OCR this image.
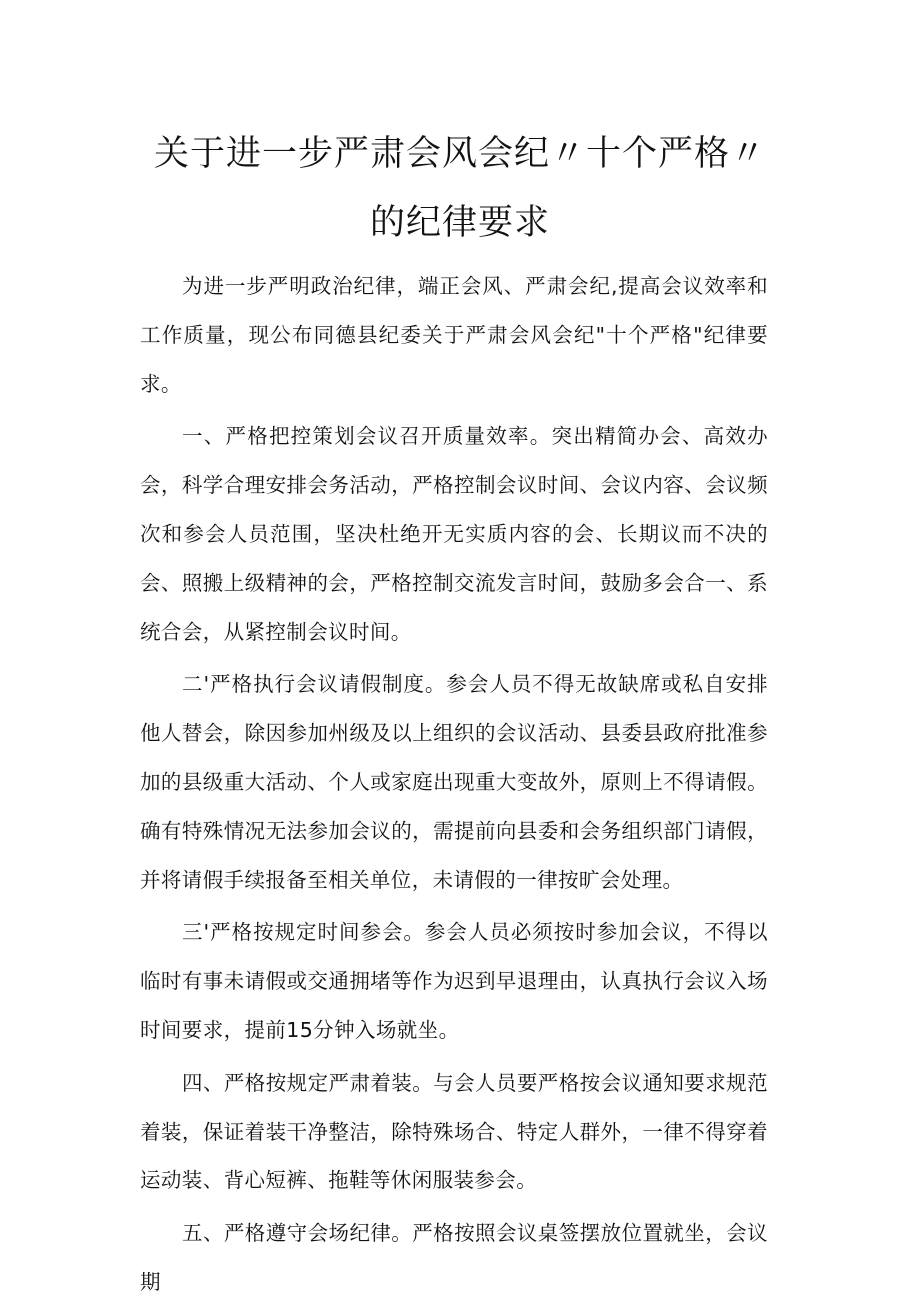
关于进一步严肃会风会纪〃十个严格〃
的纪律要求

为进一步严明政治纪律，端正会风、严肃会纪,提高会议效率和工作质量，现公布同德县纪委关于严肃会风会纪"十个严格"纪律要求。

一、严格把控策划会议召开质量效率。突出精简办会、高效办会，科学合理安排会务活动，严格控制会议时间、会议内容、会议频次和参会人员范围，坚决杜绝开无实质内容的会、长期议而不决的会、照搬上级精神的会，严格控制交流发言时间，鼓励多会合一、系统合会，从紧控制会议时间。

二'严格执行会议请假制度。参会人员不得无故缺席或私自安排他人替会，除因参加州级及以上组织的会议活动、县委县政府批准参加的县级重大活动、个人或家庭出现重大变故外，原则上不得请假。确有特殊情况无法参加会议的，需提前向县委和会务组织部门请假，并将请假手续报备至相关单位，未请假的一律按旷会处理。

三'严格按规定时间参会。参会人员必须按时参加会议，不得以临时有事未请假或交通拥堵等作为迟到早退理由，认真执行会议入场时间要求，提前15分钟入场就坐。

四、严格按规定严肃着装。与会人员要严格按会议通知要求规范着装，保证着装干净整洁，除特殊场合、特定人群外，一律不得穿着运动装、背心短裤、拖鞋等休闲服装参会。

五、严格遵守会场纪律。严格按照会议桌签摆放位置就坐，会议期
